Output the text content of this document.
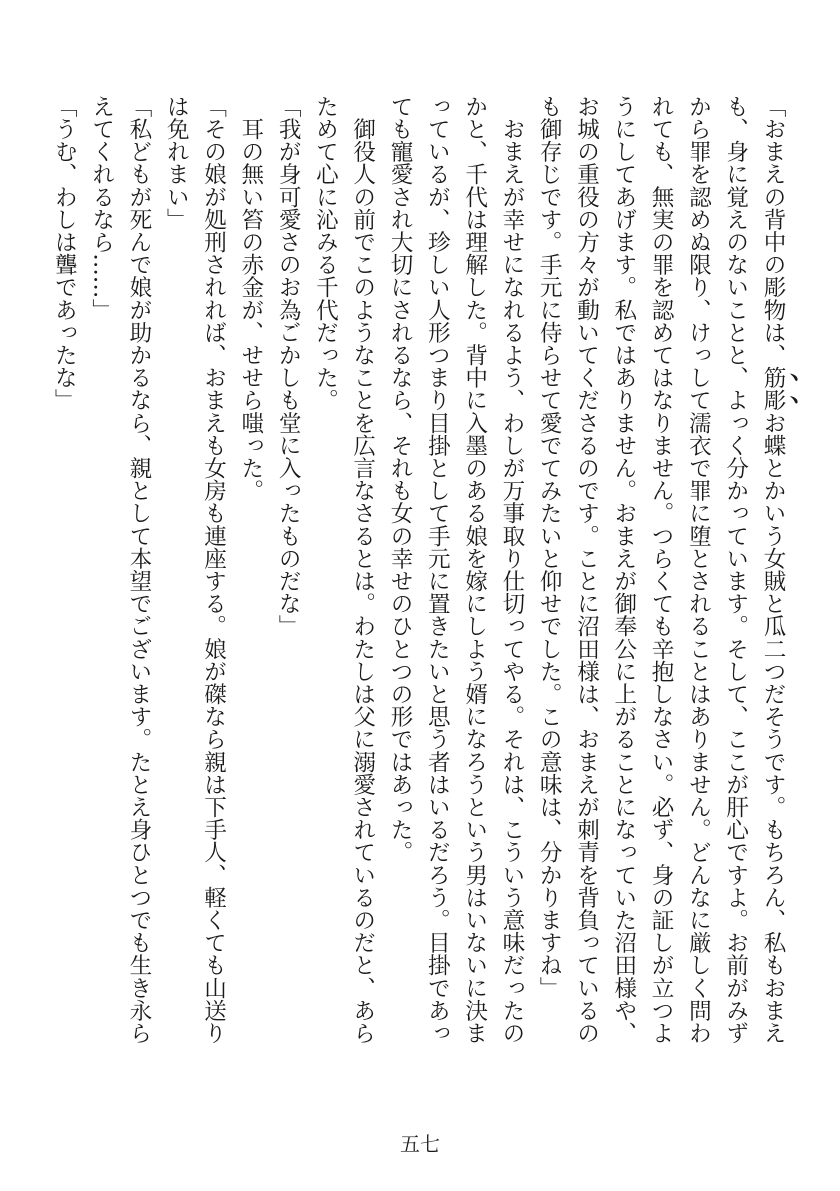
「おまえの背中の彫物は、筋彫お蝶とかいう女賊と瓜二つだそうです。もちろん、私もおまえ
も、身に覚えのないことと、よっく分かっています。そして、ここが肝心ですよ。お前がみず
から罪を認めぬ限り、けっして濡衣で罪に堕とされることはありません。どんなに厳しく問わ
れても、無実の罪を認めてはなりません。つらくても辛抱しなさい。必ず、身の証しが立つよ
うにしてあげます。私ではありません。おまえが御奉公に上がることになっていた沼田様や、
お城の重役の方々が動いてくださるのです。ことに沼田様は、おまえが刺青を背負っているの
も御存じです。手元に侍らせて愛でてみたいと仰せでした。この意味は、分かりますね」
　おまえが幸せになれるよう、わしが万事取り仕切ってやる。それは、こういう意味だったの
かと、千代は理解した。背中に入墨のある娘を嫁にしよう婿になろうという男はいないに決ま
っているが、珍しい人形つまり目掛として手元に置きたいと思う者はいるだろう。目掛であっ
ても寵愛され大切にされるなら、それも女の幸せのひとつの形ではあった。
　御役人の前でこのようなことを広言なさるとは。わたしは父に溺愛されているのだと、あら
ためて心に沁みる千代だった。
「我が身可愛さのお為ごかしも堂に入ったものだな」
　耳の無い笞の赤金が、せせら嗤った。
「その娘が処刑されれば、おまえも女房も連座する。娘が磔なら親は下手人、軽くても山送り
は免れまい」
「私どもが死んで娘が助かるなら、親として本望でございます。たとえ身ひとつでも生き永ら
えてくれるなら……」
「うむ、わしは聾であったな」
五七
